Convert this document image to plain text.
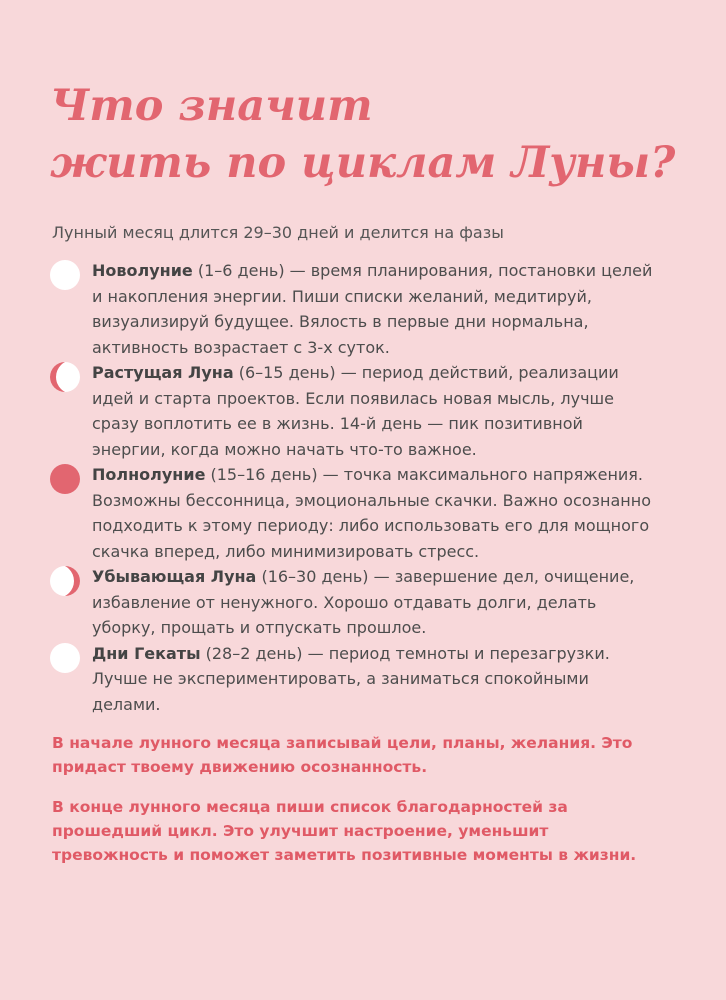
Что значит
жить по циклам Луны?

Лунный месяц длится 29–30 дней и делится на фазы

Новолуние (1–6 день) — время планирования, постановки целей и накопления энергии. Пиши списки желаний, медитируй, визуализируй будущее. Вялость в первые дни нормальна, активность возрастает с 3-х суток.
Растущая Луна (6–15 день) — период действий, реализации идей и старта проектов. Если появилась новая мысль, лучше сразу воплотить ее в жизнь. 14-й день — пик позитивной энергии, когда можно начать что-то важное.
Полнолуние (15–16 день) — точка максимального напряжения. Возможны бессонница, эмоциональные скачки. Важно осознанно подходить к этому периоду: либо использовать его для мощного скачка вперед, либо минимизировать стресс.
Убывающая Луна (16–30 день) — завершение дел, очищение, избавление от ненужного. Хорошо отдавать долги, делать уборку, прощать и отпускать прошлое.
Дни Гекаты (28–2 день) — период темноты и перезагрузки. Лучше не экспериментировать, а заниматься спокойными делами.

В начале лунного месяца записывай цели, планы, желания. Это придаст твоему движению осознанность.

В конце лунного месяца пиши список благодарностей за прошедший цикл. Это улучшит настроение, уменьшит тревожность и поможет заметить позитивные моменты в жизни.
